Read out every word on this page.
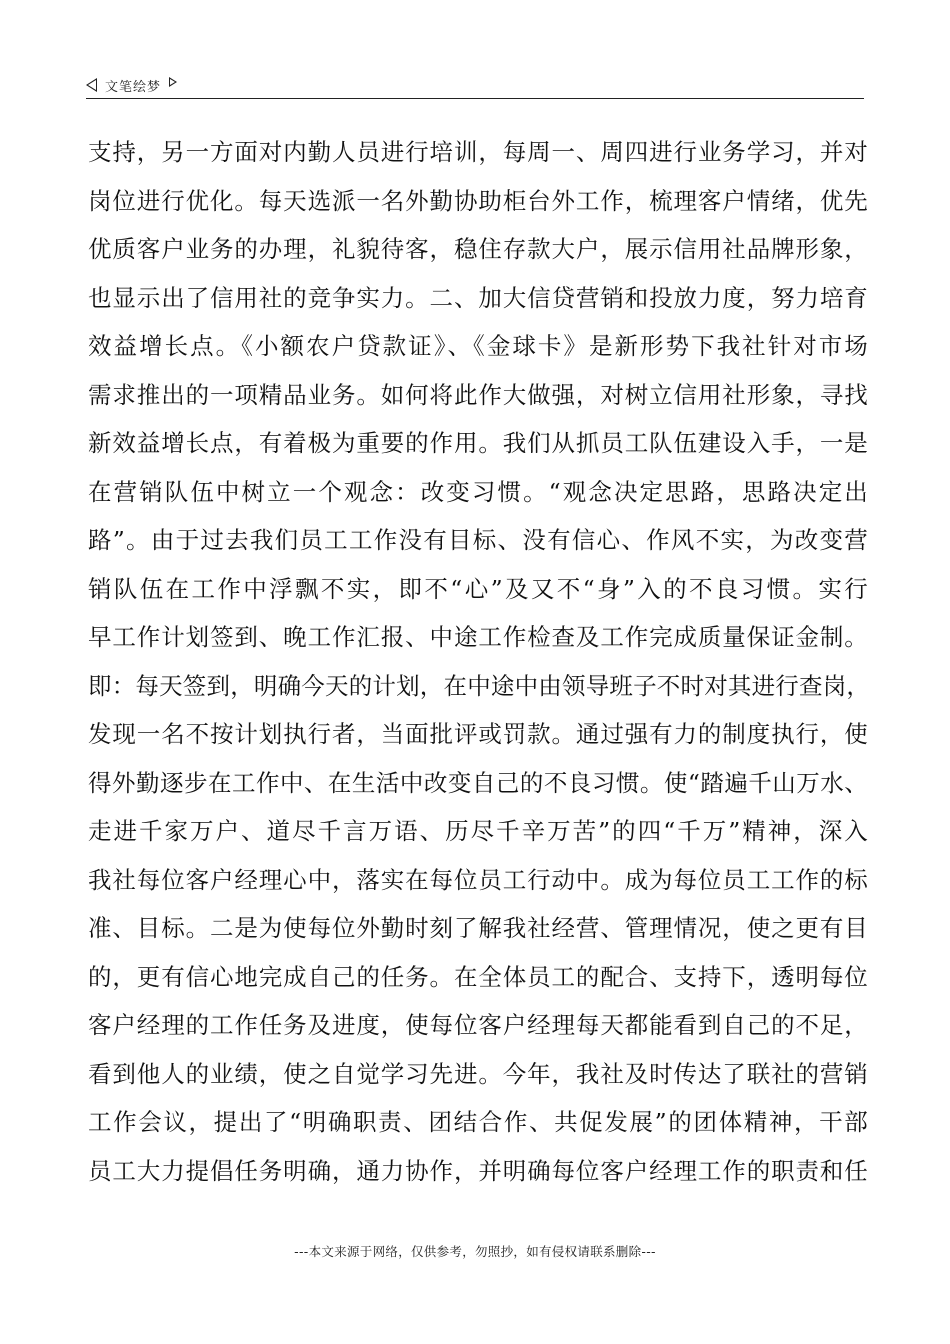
文笔绘梦
支持，另一方面对内勤人员进行培训，每周一、周四进行业务学习，并对
岗位进行优化。每天选派一名外勤协助柜台外工作，梳理客户情绪，优先
优质客户业务的办理，礼貌待客，稳住存款大户，展示信用社品牌形象，
也显示出了信用社的竞争实力。二、加大信贷营销和投放力度，努力培育
效益增长点。《小额农户贷款证》、《金球卡》是新形势下我社针对市场
需求推出的一项精品业务。如何将此作大做强，对树立信用社形象，寻找
新效益增长点，有着极为重要的作用。我们从抓员工队伍建设入手，一是
在营销队伍中树立一个观念：改变习惯。“观念决定思路，思路决定出
路”。由于过去我们员工工作没有目标、没有信心、作风不实，为改变营
销队伍在工作中浮飘不实，即不“心”及又不“身”入的不良习惯。实行
早工作计划签到、晚工作汇报、中途工作检查及工作完成质量保证金制。
即：每天签到，明确今天的计划，在中途中由领导班子不时对其进行查岗，
发现一名不按计划执行者，当面批评或罚款。通过强有力的制度执行，使
得外勤逐步在工作中、在生活中改变自己的不良习惯。使“踏遍千山万水、
走进千家万户、道尽千言万语、历尽千辛万苦”的四“千万”精神，深入
我社每位客户经理心中，落实在每位员工行动中。成为每位员工工作的标
准、目标。二是为使每位外勤时刻了解我社经营、管理情况，使之更有目
的，更有信心地完成自己的任务。在全体员工的配合、支持下，透明每位
客户经理的工作任务及进度，使每位客户经理每天都能看到自己的不足，
看到他人的业绩，使之自觉学习先进。今年，我社及时传达了联社的营销
工作会议，提出了“明确职责、团结合作、共促发展”的团体精神，干部
员工大力提倡任务明确，通力协作，并明确每位客户经理工作的职责和任
---本文来源于网络，仅供参考，勿照抄，如有侵权请联系删除---
